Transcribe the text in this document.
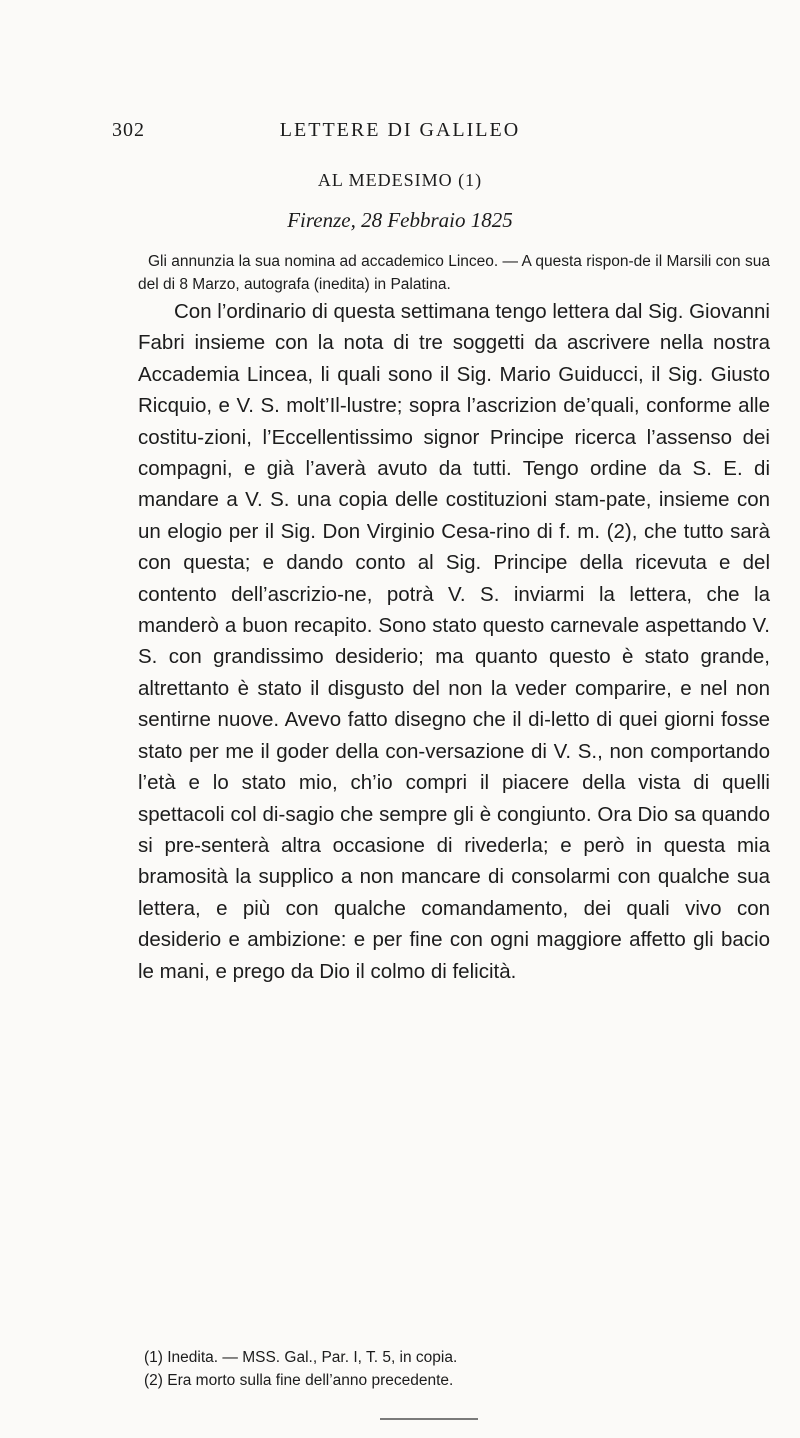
302	LETTERE DI GALILEO
AL MEDESIMO (1)
Firenze, 28 Febbraio 1825
Gli annunzia la sua nomina ad accademico Linceo. — A questa rispon-de il Marsili con sua del di 8 Marzo, autografa (inedita) in Palatina.

Con l’ordinario di questa settimana tengo lettera dal Sig. Giovanni Fabri insieme con la nota di tre soggetti da ascrivere nella nostra Accademia Lincea, li quali sono il Sig. Mario Guiducci, il Sig. Giusto Ricquio, e V. S. molt’Il-lustre; sopra l’ascrizion de’quali, conforme alle costitu-zioni, l’Eccellentissimo signor Principe ricerca l’assenso dei compagni, e già l’averà avuto da tutti. Tengo ordine da S. E. di mandare a V. S. una copia delle costituzioni stam-pate, insieme con un elogio per il Sig. Don Virginio Cesa-rino di f. m. (2), che tutto sarà con questa; e dando conto al Sig. Principe della ricevuta e del contento dell’ascrizio-ne, potrà V. S. inviarmi la lettera, che la manderò a buon recapito. Sono stato questo carnevale aspettando V. S. con grandissimo desiderio; ma quanto questo è stato grande, altrettanto è stato il disgusto del non la veder comparire, e nel non sentirne nuove. Avevo fatto disegno che il di-letto di quei giorni fosse stato per me il goder della con-versazione di V. S., non comportando l’età e lo stato mio, ch’io compri il piacere della vista di quelli spettacoli col di-sagio che sempre gli è congiunto. Ora Dio sa quando si pre-senterà altra occasione di rivederla; e però in questa mia bramosità la supplico a non mancare di consolarmi con qualche sua lettera, e più con qualche comandamento, dei quali vivo con desiderio e ambizione: e per fine con ogni maggiore affetto gli bacio le mani, e prego da Dio il colmo di felicità.

(1) Inedita. — MSS. Gal., Par. I, T. 5, in copia.
(2) Era morto sulla fine dell’anno precedente.
